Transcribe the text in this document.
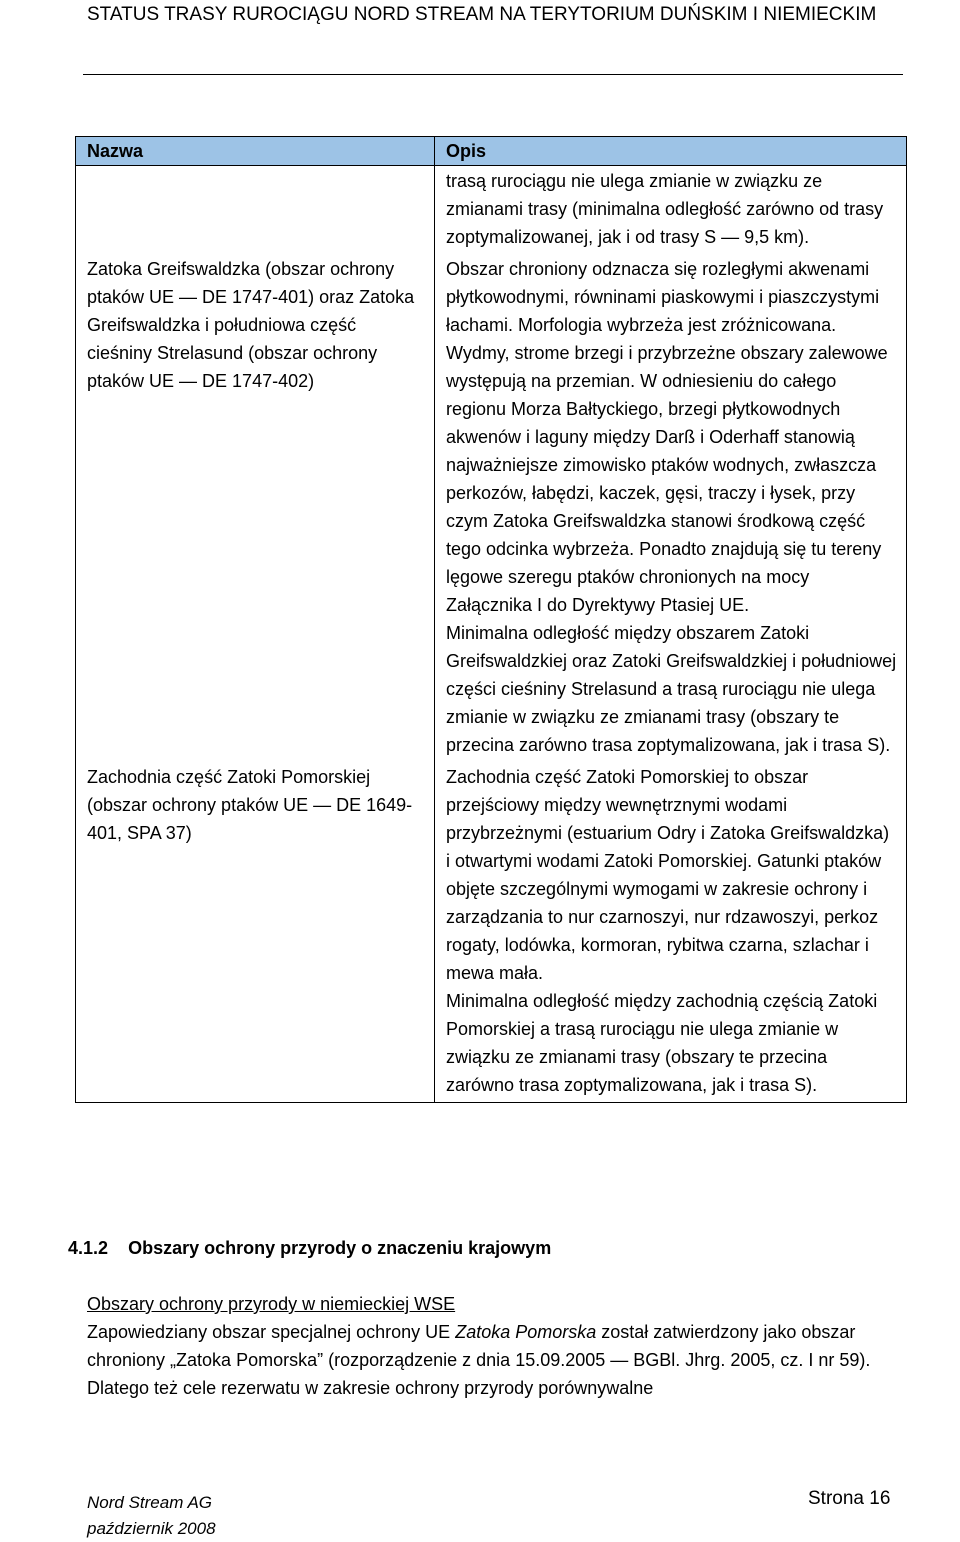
STATUS TRASY RUROCIĄGU NORD STREAM NA TERYTORIUM DUŃSKIM I NIEMIECKIM
Nazwa	Opis

	trasą rurociągu nie ulega zmianie w związku ze zmianami trasy (minimalna odległość zarówno od trasy zoptymalizowanej, jak i od trasy S — 9,5 km).

Zatoka Greifswaldzka (obszar ochrony ptaków UE — DE 1747-401) oraz Zatoka Greifswaldzka i południowa część cieśniny Strelasund (obszar ochrony ptaków UE — DE 1747-402)	Obszar chroniony odznacza się rozległymi akwenami płytkowodnymi, równinami piaskowymi i piaszczystymi łachami. Morfologia wybrzeża jest zróżnicowana. Wydmy, strome brzegi i przybrzeżne obszary zalewowe występują na przemian. W odniesieniu do całego regionu Morza Bałtyckiego, brzegi płytkowodnych akwenów i laguny między Darß i Oderhaff stanowią najważniejsze zimowisko ptaków wodnych, zwłaszcza perkozów, łabędzi, kaczek, gęsi, traczy i łysek, przy czym Zatoka Greifswaldzka stanowi środkową część tego odcinka wybrzeża. Ponadto znajdują się tu tereny lęgowe szeregu ptaków chronionych na mocy Załącznika I do Dyrektywy Ptasiej UE.

Minimalna odległość między obszarem Zatoki Greifswaldzkiej oraz Zatoki Greifswaldzkiej i południowej części cieśniny Strelasund a trasą rurociągu nie ulega zmianie w związku ze zmianami trasy (obszary te przecina zarówno trasa zoptymalizowana, jak i trasa S).

Zachodnia część Zatoki Pomorskiej (obszar ochrony ptaków UE — DE 1649-401, SPA 37)	Zachodnia część Zatoki Pomorskiej to obszar przejściowy między wewnętrznymi wodami przybrzeżnymi (estuarium Odry i Zatoka Greifswaldzka) i otwartymi wodami Zatoki Pomorskiej. Gatunki ptaków objęte szczególnymi wymogami w zakresie ochrony i zarządzania to nur czarnoszyi, nur rdzawoszyi, perkoz rogaty, lodówka, kormoran, rybitwa czarna, szlachar i mewa mała.

Minimalna odległość między zachodnią częścią Zatoki Pomorskiej a trasą rurociągu nie ulega zmianie w związku ze zmianami trasy (obszary te przecina zarówno trasa zoptymalizowana, jak i trasa S).

4.1.2 Obszary ochrony przyrody o znaczeniu krajowym
Obszary ochrony przyrody w niemieckiej WSE
Zapowiedziany obszar specjalnej ochrony UE Zatoka Pomorska został zatwierdzony jako obszar chroniony „Zatoka Pomorska” (rozporządzenie z dnia 15.09.2005 — BGBl. Jhrg. 2005, cz. I nr 59). Dlatego też cele rezerwatu w zakresie ochrony przyrody porównywalne
Nord Stream AG
październik 2008
Strona 16
